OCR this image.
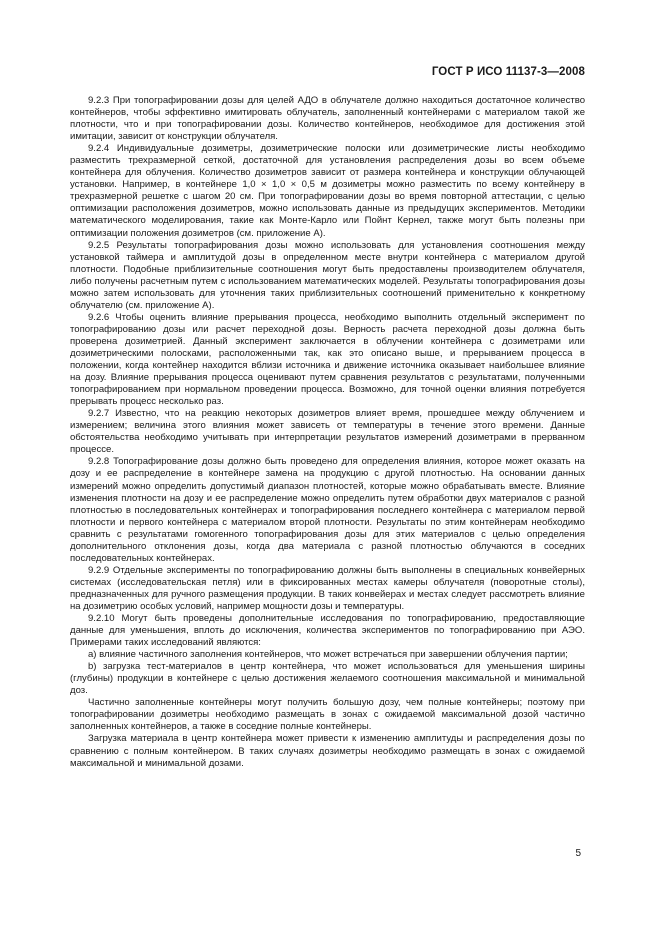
ГОСТ Р ИСО 11137-3—2008

9.2.3 При топографировании дозы для целей АДО в облучателе должно находиться достаточное количество контейнеров, чтобы эффективно имитировать облучатель, заполненный контейнерами с материалом такой же плотности, что и при топографировании дозы. Количество контейнеров, необходимое для достижения этой имитации, зависит от конструкции облучателя.

9.2.4 Индивидуальные дозиметры, дозиметрические полоски или дозиметрические листы необходимо разместить трехразмерной сеткой, достаточной для установления распределения дозы во всем объеме контейнера для облучения. Количество дозиметров зависит от размера контейнера и конструкции облучающей установки. Например, в контейнере 1,0 × 1,0 × 0,5 м дозиметры можно разместить по всему контейнеру в трехразмерной решетке с шагом 20 см. При топографировании дозы во время повторной аттестации, с целью оптимизации расположения дозиметров, можно использовать данные из предыдущих экспериментов. Методики математического моделирования, такие как Монте-Карло или Пойнт Кернел, также могут быть полезны при оптимизации положения дозиметров (см. приложение А).

9.2.5 Результаты топографирования дозы можно использовать для установления соотношения между установкой таймера и амплитудой дозы в определенном месте внутри контейнера с материалом другой плотности. Подобные приблизительные соотношения могут быть предоставлены производителем облучателя, либо получены расчетным путем с использованием математических моделей. Результаты топографирования дозы можно затем использовать для уточнения таких приблизительных соотношений применительно к конкретному облучателю (см. приложение А).

9.2.6 Чтобы оценить влияние прерывания процесса, необходимо выполнить отдельный эксперимент по топографированию дозы или расчет переходной дозы. Верность расчета переходной дозы должна быть проверена дозиметрией. Данный эксперимент заключается в облучении контейнера с дозиметрами или дозиметрическими полосками, расположенными так, как это описано выше, и прерыванием процесса в положении, когда контейнер находится вблизи источника и движение источника оказывает наибольшее влияние на дозу. Влияние прерывания процесса оценивают путем сравнения результатов с результатами, полученными топографированием при нормальном проведении процесса. Возможно, для точной оценки влияния потребуется прерывать процесс несколько раз.

9.2.7 Известно, что на реакцию некоторых дозиметров влияет время, прошедшее между облучением и измерением; величина этого влияния может зависеть от температуры в течение этого времени. Данные обстоятельства необходимо учитывать при интерпретации результатов измерений дозиметрами в прерванном процессе.

9.2.8 Топографирование дозы должно быть проведено для определения влияния, которое может оказать на дозу и ее распределение в контейнере замена на продукцию с другой плотностью. На основании данных измерений можно определить допустимый диапазон плотностей, которые можно обрабатывать вместе. Влияние изменения плотности на дозу и ее распределение можно определить путем обработки двух материалов с разной плотностью в последовательных контейнерах и топографирования последнего контейнера с материалом первой плотности и первого контейнера с материалом второй плотности. Результаты по этим контейнерам необходимо сравнить с результатами гомогенного топографирования дозы для этих материалов с целью определения дополнительного отклонения дозы, когда два материала с разной плотностью облучаются в соседних последовательных контейнерах.

9.2.9 Отдельные эксперименты по топографированию должны быть выполнены в специальных конвейерных системах (исследовательская петля) или в фиксированных местах камеры облучателя (поворотные столы), предназначенных для ручного размещения продукции. В таких конвейерах и местах следует рассмотреть влияние на дозиметрию особых условий, например мощности дозы и температуры.

9.2.10 Могут быть проведены дополнительные исследования по топографированию, предоставляющие данные для уменьшения, вплоть до исключения, количества экспериментов по топографированию при АЭО. Примерами таких исследований являются:

а) влияние частичного заполнения контейнеров, что может встречаться при завершении облучения партии;

b) загрузка тест-материалов в центр контейнера, что может использоваться для уменьшения ширины (глубины) продукции в контейнере с целью достижения желаемого соотношения максимальной и минимальной доз.

Частично заполненные контейнеры могут получить большую дозу, чем полные контейнеры; поэтому при топографировании дозиметры необходимо размещать в зонах с ожидаемой максимальной дозой частично заполненных контейнеров, а также в соседние полные контейнеры.

Загрузка материала в центр контейнера может привести к изменению амплитуды и распределения дозы по сравнению с полным контейнером. В таких случаях дозиметры необходимо размещать в зонах с ожидаемой максимальной и минимальной дозами.

5
